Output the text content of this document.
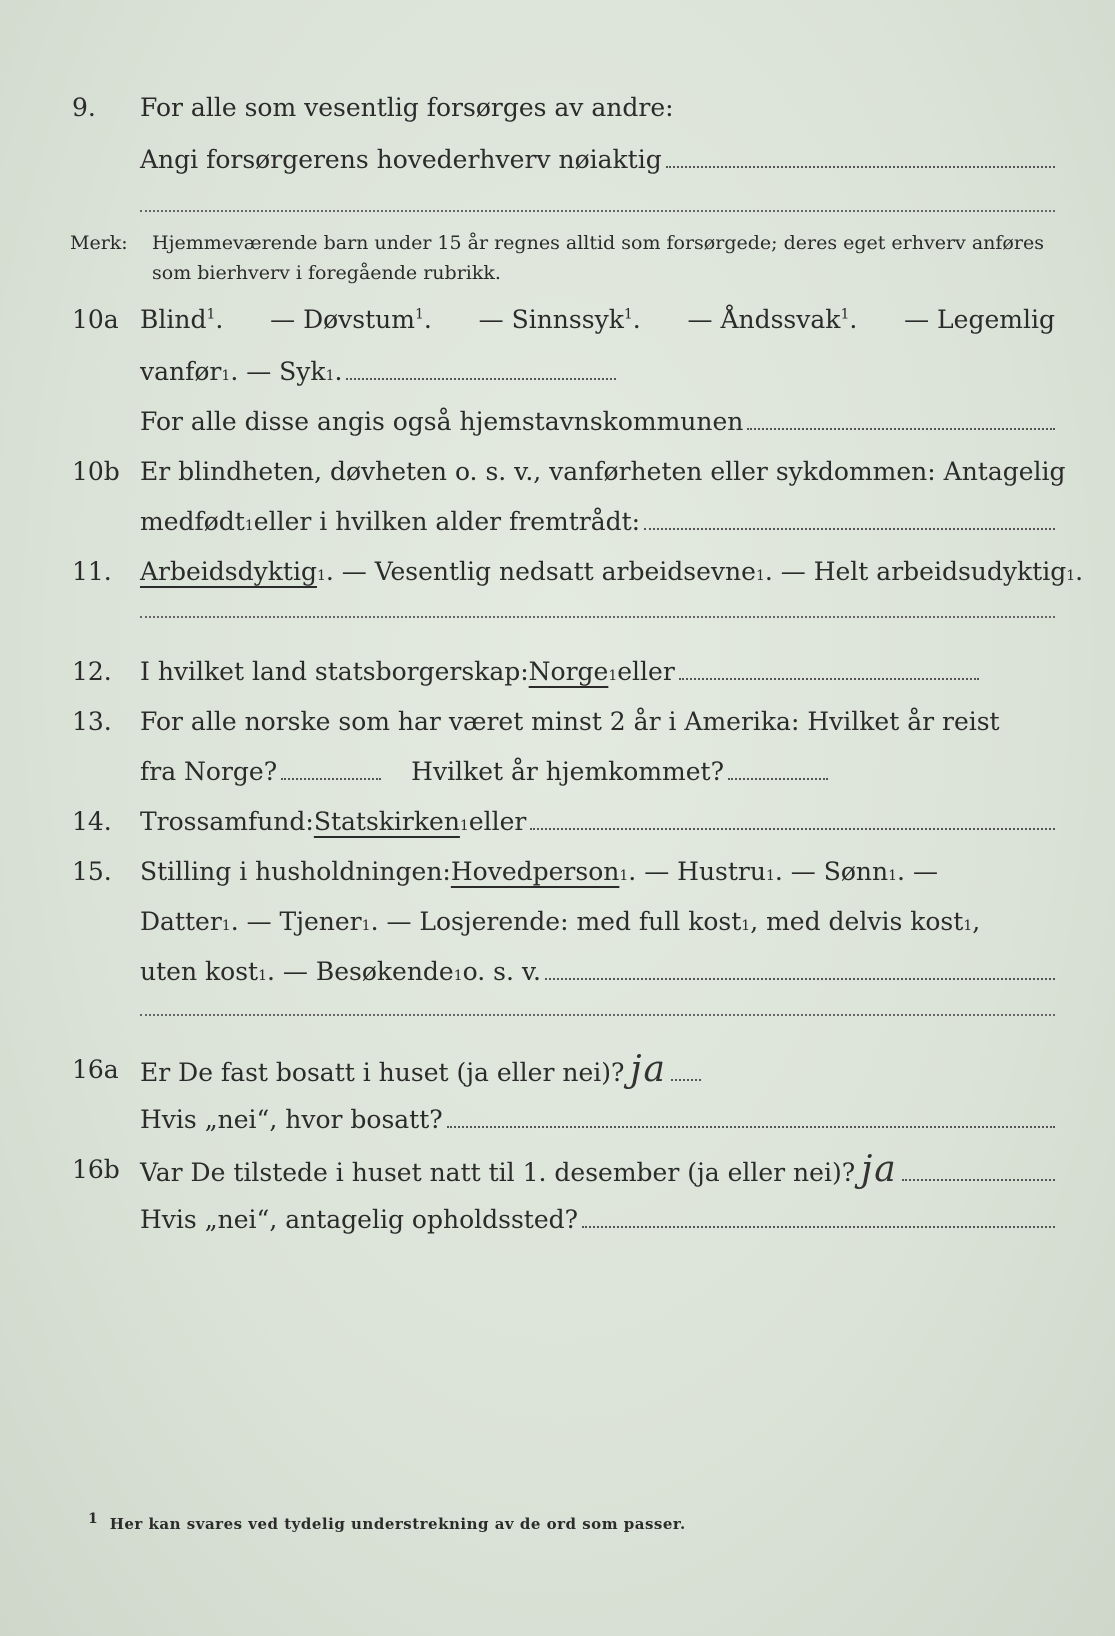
9.	For alle som vesentlig forsørges av andre:
Angi forsørgerens hovederhverv nøiaktig
Merk: Hjemmeværende barn under 15 år regnes alltid som forsørgede; deres eget erhverv anføres som bierhverv i foregående rubrikk.
10a Blind$^1$. — Døvstum$^1$. — Sinnssyk$^1$. — Åndssvak$^1$. — Legemlig
vanfør 1 . — Syk 1 .
For alle disse angis også hjemstavnskommunen
10b Er blindheten, døvheten o. s. v., vanførheten eller sykdommen: Antagelig
medfødt 1 eller i hvilken alder fremtrådt:
11.	Arbeidsdyktig 1 . — Vesentlig nedsatt arbeidsevne 1 . — Helt arbeidsudyktig 1 .
12.	I hvilket land statsborgerskap: Norge 1 eller
13.	For alle norske som har været minst 2 år i Amerika: Hvilket år reist
fra Norge?	Hvilket år hjemkommet?
14.	Trossamfund: Statskirken 1 eller
15.	Stilling i husholdningen: Hovedperson 1 . — Hustru 1 . — Sønn 1 . —
Datter 1 . — Tjener 1 . — Losjerende: med full kost 1 , med delvis kost 1 ,
uten kost 1 . — Besøkende 1 o. s. v.
16a Er De fast bosatt i huset (ja eller nei)? ja
Hvis „nei“, hvor bosatt?
16b Var De tilstede i huset natt til 1. desember (ja eller nei)? ja
Hvis „nei“, antagelig opholdssted?
$^1$ Her kan svares ved tydelig understrekning av de ord som passer.
